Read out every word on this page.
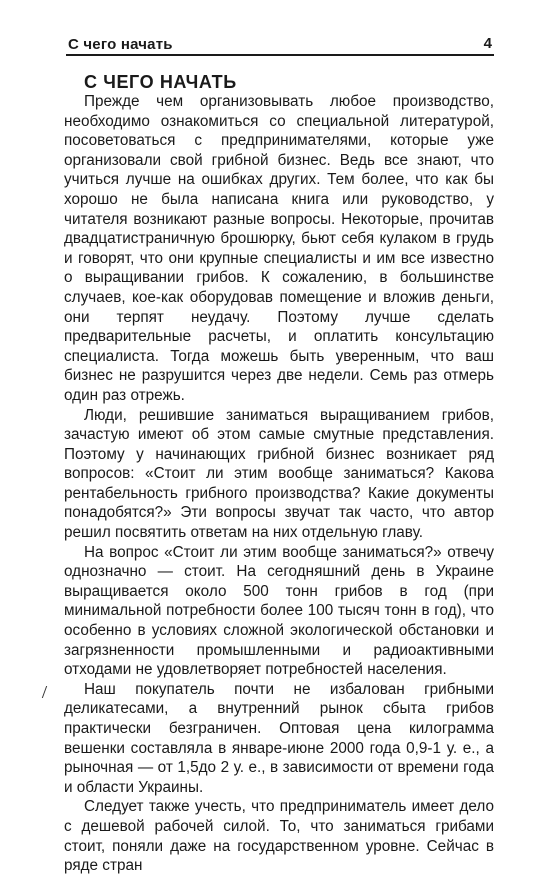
С чего начать	4
С ЧЕГО НАЧАТЬ

Прежде чем организовывать любое производство, необходимо ознакомиться со специальной литературой, посоветоваться с предпринимателями, которые уже организовали свой грибной бизнес. Ведь все знают, что учиться лучше на ошибках других. Тем более, что как бы хорошо не была написана книга или руководство, у читателя возникают разные вопросы. Некоторые, прочитав двадцатистраничную брошюрку, бьют себя кулаком в грудь и говорят, что они крупные специалисты и им все известно о выращивании грибов. К сожалению, в большинстве случаев, кое-как оборудовав помещение и вложив деньги, они терпят неудачу. Поэтому лучше сделать предварительные расчеты, и оплатить консультацию специалиста. Тогда можешь быть уверенным, что ваш бизнес не разрушится через две недели. Семь раз отмерь один раз отрежь.

Люди, решившие заниматься выращиванием грибов, зачастую имеют об этом самые смутные представления. Поэтому у начинающих грибной бизнес возникает ряд вопросов: «Стоит ли этим вообще заниматься? Какова рентабельность грибного производства? Какие документы понадобятся?» Эти вопросы звучат так часто, что автор решил посвятить ответам на них отдельную главу.

На вопрос «Стоит ли этим вообще заниматься?» отвечу однозначно — стоит. На сегодняшний день в Украине выращивается около 500 тонн грибов в год (при минимальной потребности более 100 тысяч тонн в год), что особенно в условиях сложной экологической обстановки и загрязненности промышленными и радиоактивными отходами не удовлетворяет потребностей населения.

Наш покупатель почти не избалован грибными деликатесами, а внутренний рынок сбыта грибов практически безграничен. Оптовая цена килограмма вешенки составляла в январе-июне 2000 года 0,9-1 у. е., а рыночная — от 1,5до 2 у. е., в зависимости от времени года и области Украины.

Следует также учесть, что предприниматель имеет дело с дешевой рабочей силой. То, что заниматься грибами стоит, поняли даже на государственном уровне. Сейчас в ряде стран
